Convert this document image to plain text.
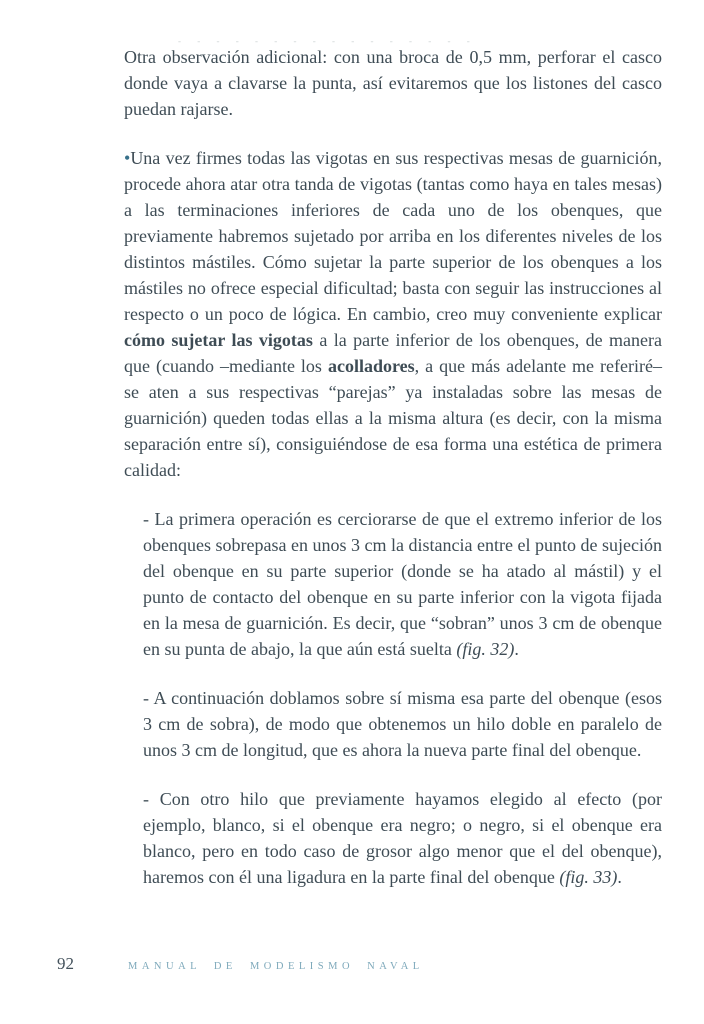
- - - - - - - - - - - - - - - -

Otra observación adicional: con una broca de 0,5 mm, perforar el casco donde vaya a clavarse la punta, así evitaremos que los listones del casco puedan rajarse.

•Una vez firmes todas las vigotas en sus respectivas mesas de guarnición, procede ahora atar otra tanda de vigotas (tantas como haya en tales mesas) a las terminaciones inferiores de cada uno de los obenques, que previamente habremos sujetado por arriba en los diferentes niveles de los distintos mástiles. Cómo sujetar la parte superior de los obenques a los mástiles no ofrece especial dificultad; basta con seguir las instrucciones al respecto o un poco de lógica. En cambio, creo muy conveniente explicar cómo sujetar las vigotas a la parte inferior de los obenques, de manera que (cuando –mediante los acolladores, a que más adelante me referiré– se aten a sus respectivas “parejas” ya instaladas sobre las mesas de guarnición) queden todas ellas a la misma altura (es decir, con la misma separación entre sí), consiguiéndose de esa forma una estética de primera calidad:

- La primera operación es cerciorarse de que el extremo inferior de los obenques sobrepasa en unos 3 cm la distancia entre el punto de sujeción del obenque en su parte superior (donde se ha atado al mástil) y el punto de contacto del obenque en su parte inferior con la vigota fijada en la mesa de guarnición. Es decir, que “sobran” unos 3 cm de obenque en su punta de abajo, la que aún está suelta (fig. 32).

- A continuación doblamos sobre sí misma esa parte del obenque (esos 3 cm de sobra), de modo que obtenemos un hilo doble en paralelo de unos 3 cm de longitud, que es ahora la nueva parte final del obenque.

- Con otro hilo que previamente hayamos elegido al efecto (por ejemplo, blanco, si el obenque era negro; o negro, si el obenque era blanco, pero en todo caso de grosor algo menor que el del obenque), haremos con él una ligadura en la parte final del obenque (fig. 33).

92	MANUAL DE MODELISMO NAVAL
